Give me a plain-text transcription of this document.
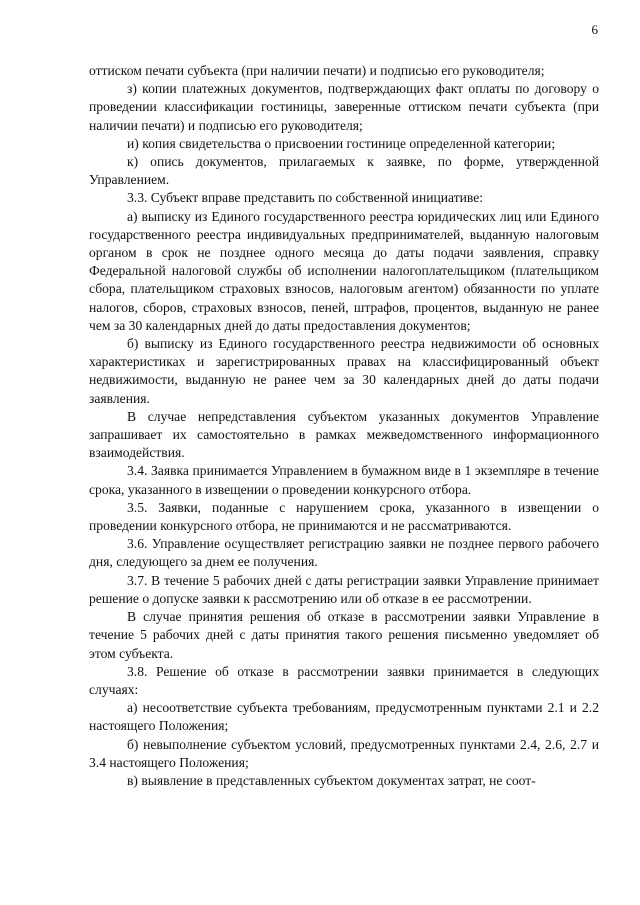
6

оттиском печати субъекта (при наличии печати) и подписью его руководителя;

з) копии платежных документов, подтверждающих факт оплаты по договору о проведении классификации гостиницы, заверенные оттиском печати субъекта (при наличии печати) и подписью его руководителя;

и) копия свидетельства о присвоении гостинице определенной категории;

к) опись документов, прилагаемых к заявке, по форме, утвержденной Управлением.

3.3. Субъект вправе представить по собственной инициативе:

а) выписку из Единого государственного реестра юридических лиц или Единого государственного реестра индивидуальных предпринимателей, выданную налоговым органом в срок не позднее одного месяца до даты подачи заявления, справку Федеральной налоговой службы об исполнении налогоплательщиком (плательщиком сбора, плательщиком страховых взносов, налоговым агентом) обязанности по уплате налогов, сборов, страховых взносов, пеней, штрафов, процентов, выданную не ранее чем за 30 календарных дней до даты предоставления документов;

б) выписку из Единого государственного реестра недвижимости об основных характеристиках и зарегистрированных правах на классифицированный объект недвижимости, выданную не ранее чем за 30 календарных дней до даты подачи заявления.

В случае непредставления субъектом указанных документов Управление запрашивает их самостоятельно в рамках межведомственного информационного взаимодействия.

3.4. Заявка принимается Управлением в бумажном виде в 1 экземпляре в течение срока, указанного в извещении о проведении конкурсного отбора.

3.5. Заявки, поданные с нарушением срока, указанного в извещении о проведении конкурсного отбора, не принимаются и не рассматриваются.

3.6. Управление осуществляет регистрацию заявки не позднее первого рабочего дня, следующего за днем ее получения.

3.7. В течение 5 рабочих дней с даты регистрации заявки Управление принимает решение о допуске заявки к рассмотрению или об отказе в ее рассмотрении.

В случае принятия решения об отказе в рассмотрении заявки Управление в течение 5 рабочих дней с даты принятия такого решения письменно уведомляет об этом субъекта.

3.8. Решение об отказе в рассмотрении заявки принимается в следующих случаях:

а) несоответствие субъекта требованиям, предусмотренным пунктами 2.1 и 2.2 настоящего Положения;

б) невыполнение субъектом условий, предусмотренных пунктами 2.4, 2.6, 2.7 и 3.4 настоящего Положения;

в) выявление в представленных субъектом документах затрат, не соот-
